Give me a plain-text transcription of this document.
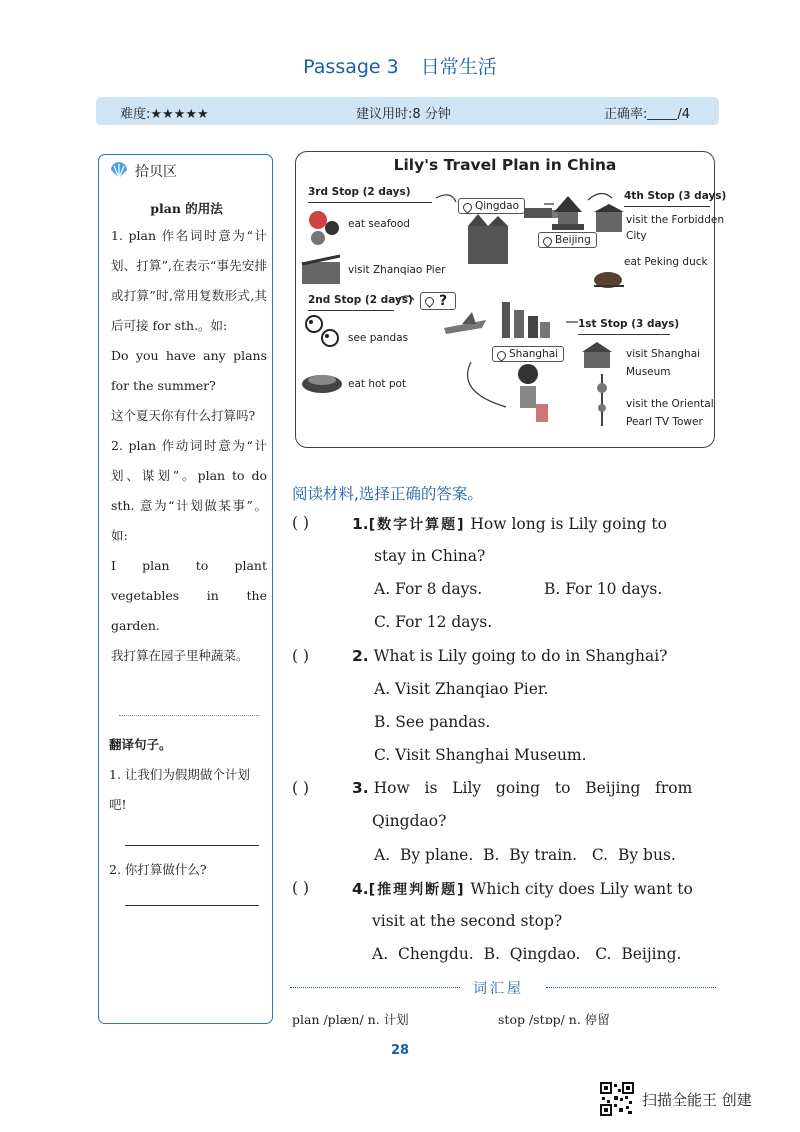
Passage 3 日常生活
难度:★★★★★	建议用时:8 分钟	正确率: /4
拾贝区
plan 的用法

1. plan 作名词时意为“计划、打算”,在表示“事先安排或打算”时,常用复数形式,其后可接 for sth.。如:

Do you have any plans for the summer?

这个夏天你有什么打算吗?

2. plan 作动词时意为“计划、谋划”。plan to do sth. 意为“计划做某事”。如:

I plan to plant vegetables in the garden.

我打算在园子里种蔬菜。

翻译句子。

1. 让我们为假期做个计划吧!

2. 你打算做什么?

Lily's Travel Plan in China
3rd Stop (2 days)
Qingdao
4th Stop (3 days)
eat seafood	visit the Forbidden
City
Beijing
eat Peking duck
visit Zhanqiao Pier
2nd Stop (2 days)	?
1st Stop (3 days)
see pandas
Shanghai	visit Shanghai
Museum
eat hot pot
visit the Oriental
Pearl TV Tower
阅读材料,选择正确的答案。
( )	1.[数字计算题] How long is Lily going to
stay in China?
A. For 8 days.	B. For 10 days.
C. For 12 days.
( )	2. What is Lily going to do in Shanghai?
A. Visit Zhanqiao Pier.
B. See pandas.
C. Visit Shanghai Museum.
( )	3. How   is   Lily   going   to   Beijing   from
Qingdao?
A.  By plane.  B.  By train.   C.  By bus.
( )	4.[推理判断题] Which city does Lily want to
visit at the second stop?
A.  Chengdu.  B.  Qingdao.   C.  Beijing.
词汇屋
plan /plæn/ n. 计划	stop /stɒp/ n. 停留
28
扫描全能王 创建
